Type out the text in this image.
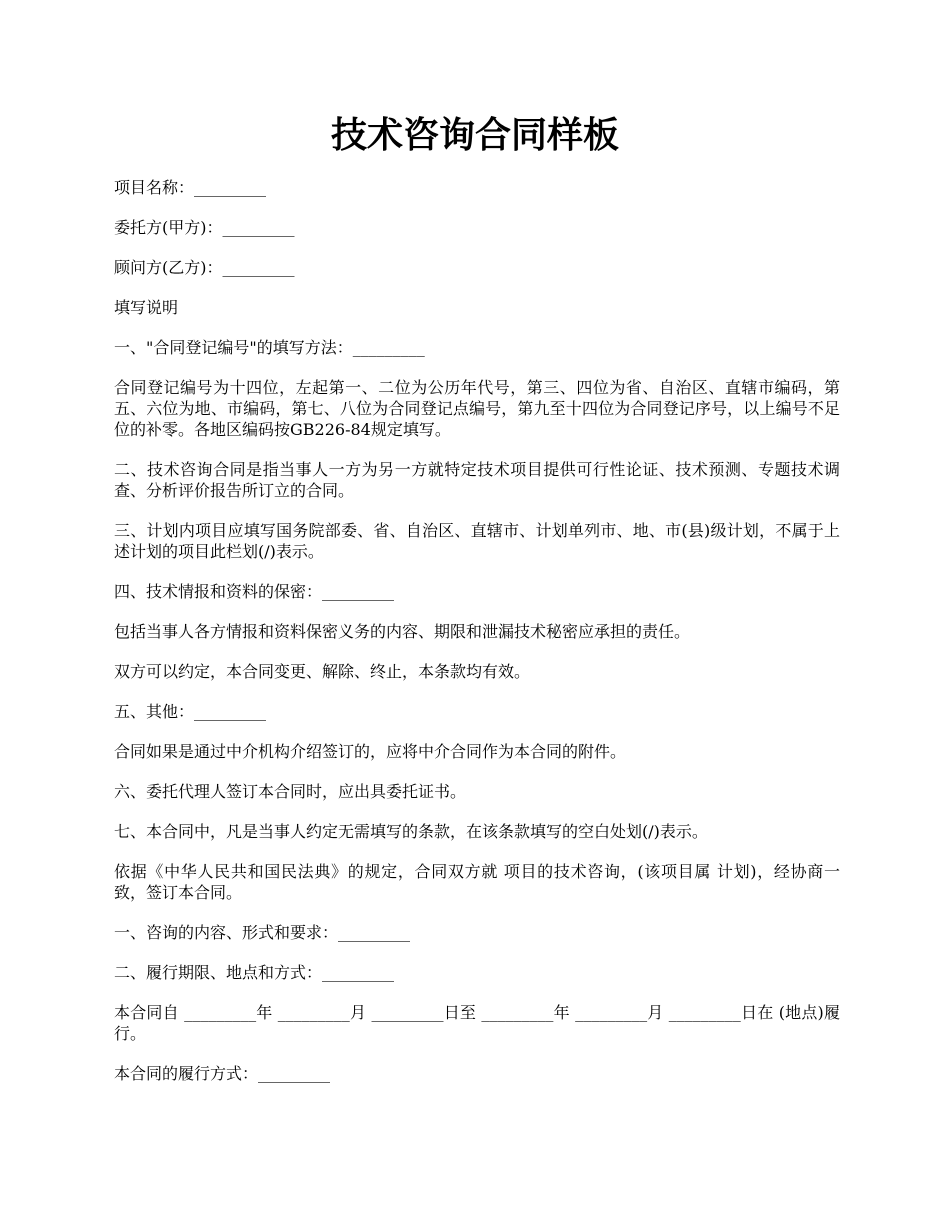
技术咨询合同样板

项目名称：_________

委托方(甲方)：_________

顾问方(乙方)：_________

填写说明

一、"合同登记编号"的填写方法：_________

合同登记编号为十四位，左起第一、二位为公历年代号，第三、四位为省、自治区、直辖市编码，第五、六位为地、市编码，第七、八位为合同登记点编号，第九至十四位为合同登记序号，以上编号不足位的补零。各地区编码按GB226-84规定填写。

二、技术咨询合同是指当事人一方为另一方就特定技术项目提供可行性论证、技术预测、专题技术调查、分析评价报告所订立的合同。

三、计划内项目应填写国务院部委、省、自治区、直辖市、计划单列市、地、市(县)级计划，不属于上述计划的项目此栏划(/)表示。

四、技术情报和资料的保密：_________

包括当事人各方情报和资料保密义务的内容、期限和泄漏技术秘密应承担的责任。

双方可以约定，本合同变更、解除、终止，本条款均有效。

五、其他：_________

合同如果是通过中介机构介绍签订的，应将中介合同作为本合同的附件。

六、委托代理人签订本合同时，应出具委托证书。

七、本合同中，凡是当事人约定无需填写的条款，在该条款填写的空白处划(/)表示。

依据《中华人民共和国民法典》的规定，合同双方就 项目的技术咨询，(该项目属 计划)，经协商一致，签订本合同。

一、咨询的内容、形式和要求：_________

二、履行期限、地点和方式：_________

本合同自 _________年 _________月 _________日至 _________年 _________月 _________日在 (地点)履行。

本合同的履行方式：_________
